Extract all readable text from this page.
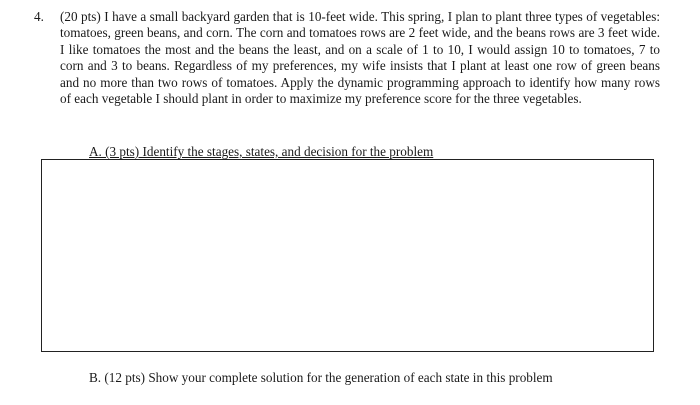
4. (20 pts) I have a small backyard garden that is 10-feet wide. This spring, I plan to plant three types of vegetables: tomatoes, green beans, and corn. The corn and tomatoes rows are 2 feet wide, and the beans rows are 3 feet wide. I like tomatoes the most and the beans the least, and on a scale of 1 to 10, I would assign 10 to tomatoes, 7 to corn and 3 to beans. Regardless of my preferences, my wife insists that I plant at least one row of green beans and no more than two rows of tomatoes. Apply the dynamic programming approach to identify how many rows of each vegetable I should plant in order to maximize my preference score for the three vegetables.
A. (3 pts) Identify the stages, states, and decision for the problem
B. (12 pts) Show your complete solution for the generation of each state in this problem
